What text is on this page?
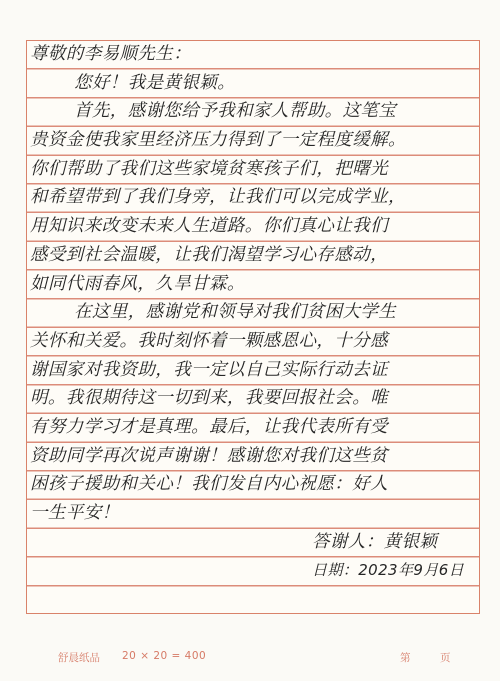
尊敬的李易顺先生：
您好！我是黄银颖。
首先，感谢您给予我和家人帮助。这笔宝
贵资金使我家里经济压力得到了一定程度缓解。
你们帮助了我们这些家境贫寒孩子们，把曙光
和希望带到了我们身旁，让我们可以完成学业，
用知识来改变未来人生道路。你们真心让我们
感受到社会温暖，让我们渴望学习心存感动，
如同代雨春风，久旱甘霖。
在这里，感谢党和领导对我们贫困大学生
关怀和关爱。我时刻怀着一颗感恩心，十分感
谢国家对我资助，我一定以自己实际行动去证
明。我很期待这一切到来，我要回报社会。唯
有努力学习才是真理。最后，让我代表所有受
资助同学再次说声谢谢！感谢您对我们这些贫
困孩子援助和关心！我们发自内心祝愿：好人
一生平安！
答谢人：黄银颖
日期：2023年9月6日
舒晨纸品 20 × 20 = 400	第	页
